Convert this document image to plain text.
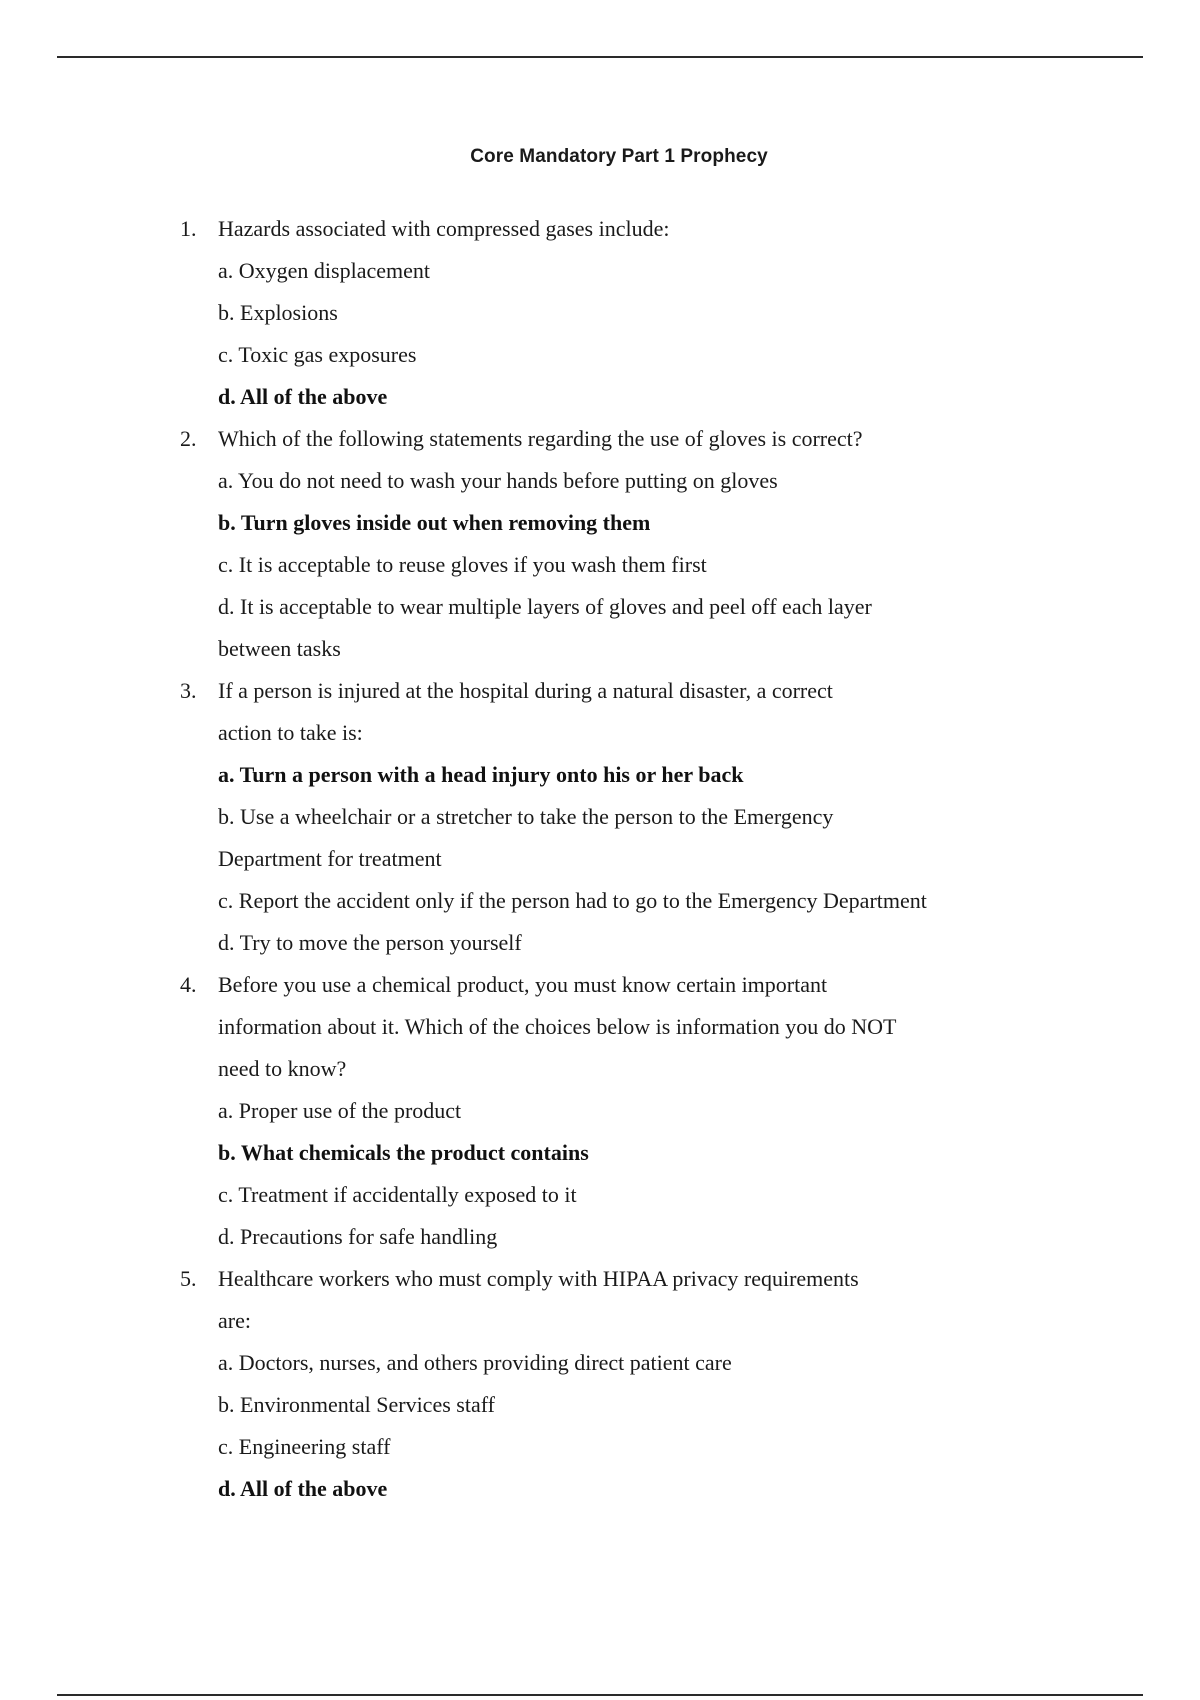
Core Mandatory Part 1 Prophecy
1. Hazards associated with compressed gases include:
a. Oxygen displacement
b. Explosions
c. Toxic gas exposures
d. All of the above
2. Which of the following statements regarding the use of gloves is correct?
a. You do not need to wash your hands before putting on gloves
b. Turn gloves inside out when removing them
c. It is acceptable to reuse gloves if you wash them first
d. It is acceptable to wear multiple layers of gloves and peel off each layer
between tasks
3. If a person is injured at the hospital during a natural disaster, a correct
action to take is:
a. Turn a person with a head injury onto his or her back
b. Use a wheelchair or a stretcher to take the person to the Emergency
Department for treatment
c. Report the accident only if the person had to go to the Emergency Department
d. Try to move the person yourself
4. Before you use a chemical product, you must know certain important
information about it. Which of the choices below is information you do NOT
need to know?
a. Proper use of the product
b. What chemicals the product contains
c. Treatment if accidentally exposed to it
d. Precautions for safe handling
5. Healthcare workers who must comply with HIPAA privacy requirements
are:
a. Doctors, nurses, and others providing direct patient care
b. Environmental Services staff
c. Engineering staff
d. All of the above
